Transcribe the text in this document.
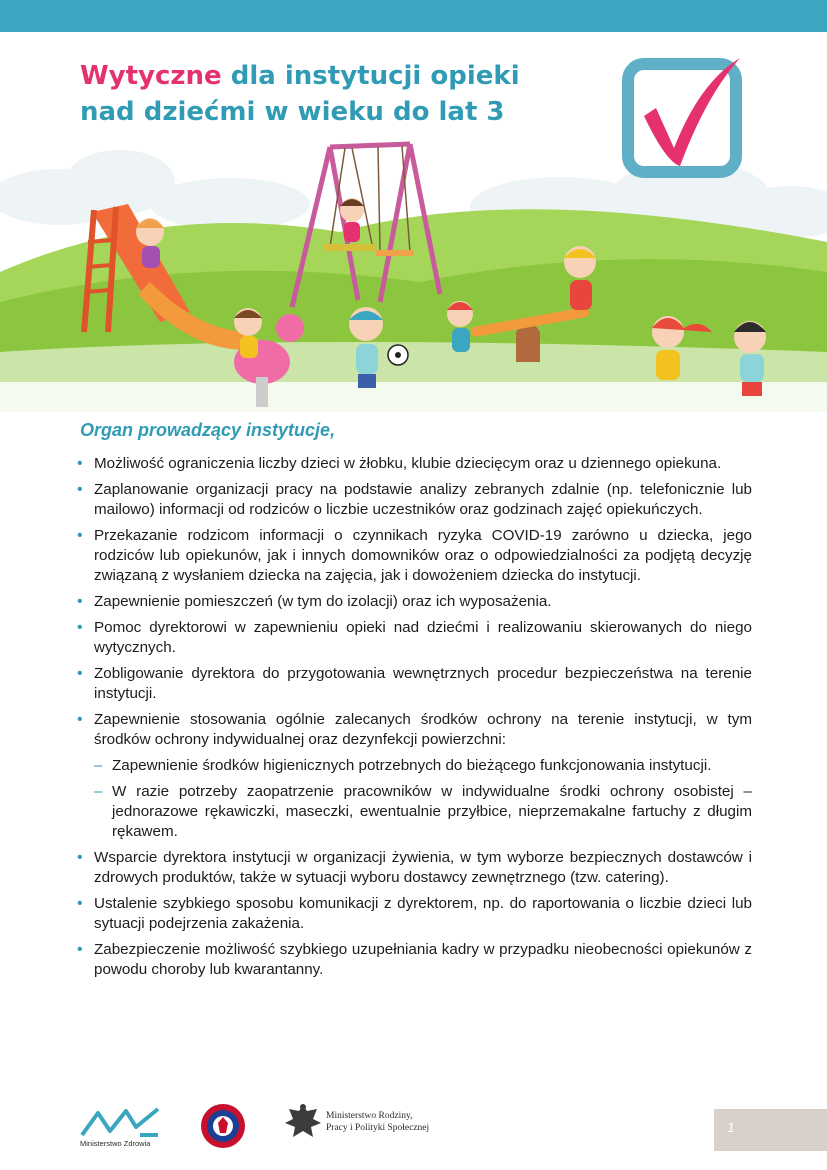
Wytyczne dla instytucji opieki nad dziećmi w wieku do lat 3
Organ prowadzący instytucje,
• Możliwość ograniczenia liczby dzieci w żłobku, klubie dziecięcym oraz u dziennego opiekuna.
• Zaplanowanie organizacji pracy na podstawie analizy zebranych zdalnie (np. telefonicznie lub mailowo) informacji od rodziców o liczbie uczestników oraz godzinach zajęć opiekuńczych.
• Przekazanie rodzicom informacji o czynnikach ryzyka COVID-19 zarówno u dziecka, jego rodziców lub opiekunów, jak i innych domowników oraz o odpowiedzialności za podjętą decyzję związaną z wysłaniem dziecka na zajęcia, jak i dowożeniem dziecka do instytucji.
• Zapewnienie pomieszczeń (w tym do izolacji) oraz ich wyposażenia.
• Pomoc dyrektorowi w zapewnieniu opieki nad dziećmi i realizowaniu skierowanych do niego wytycznych.
• Zobligowanie dyrektora do przygotowania wewnętrznych procedur bezpieczeństwa na terenie instytucji.
• Zapewnienie stosowania ogólnie zalecanych środków ochrony na terenie instytucji, w tym środków ochrony indywidualnej oraz dezynfekcji powierzchni:
– Zapewnienie środków higienicznych potrzebnych do bieżącego funkcjonowania instytucji.
– W razie potrzeby zaopatrzenie pracowników w indywidualne środki ochrony osobistej – jednorazowe rękawiczki, maseczki, ewentualnie przyłbice, nieprzemakalne fartuchy z długim rękawem.
• Wsparcie dyrektora instytucji w organizacji żywienia, w tym wyborze bezpiecznych dostawców i zdrowych produktów, także w sytuacji wyboru dostawcy zewnętrznego (tzw. catering).
• Ustalenie szybkiego sposobu komunikacji z dyrektorem, np. do raportowania o liczbie dzieci lub sytuacji podejrzenia zakażenia.
• Zabezpieczenie możliwość szybkiego uzupełniania kadry w przypadku nieobecności opiekunów z powodu choroby lub kwarantanny.
Ministerstwo Zdrowia
Ministerstwo Rodziny,
Pracy i Polityki Społecznej	1
